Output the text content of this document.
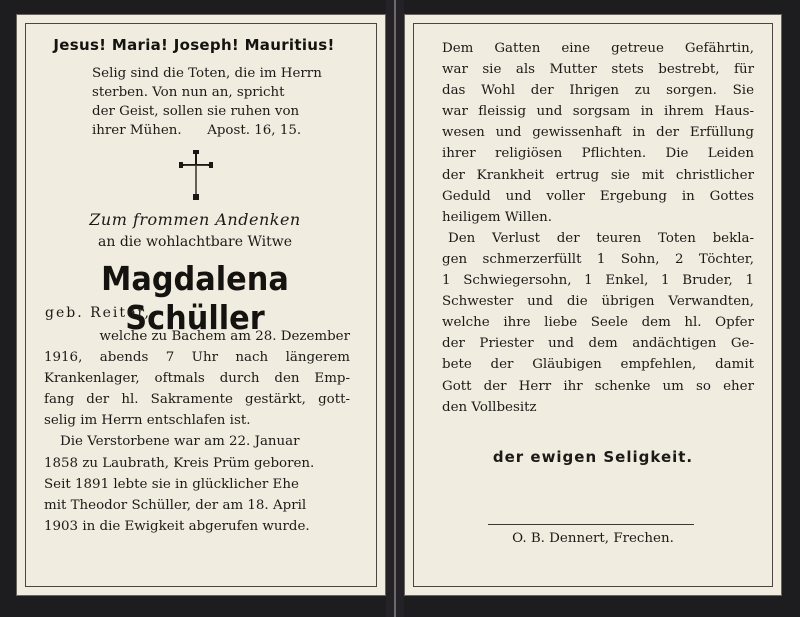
Jesus! Maria! Joseph! Mauritius!

Selig sind die Toten, die im Herrn
sterben. Von nun an, spricht
der Geist, sollen sie ruhen von
ihrer Mühen.      Apost. 16, 15.

Zum frommen Andenken
an die wohlachtbare Witwe
Magdalena Schüller
geb. Reiter,

welche zu Bachem am 28. Dezember
1916, abends 7 Uhr nach längerem
Krankenlager, oftmals durch den Emp-
fang der hl. Sakramente gestärkt, gott-
selig im Herrn entschlafen ist.
Die Verstorbene war am 22. Januar
1858 zu Laubrath, Kreis Prüm geboren.
Seit 1891 lebte sie in glücklicher Ehe
mit Theodor Schüller, der am 18. April
1903 in die Ewigkeit abgerufen wurde.

Dem Gatten eine getreue Gefährtin,
war sie als Mutter stets bestrebt, für
das Wohl der Ihrigen zu sorgen. Sie
war fleissig und sorgsam in ihrem Haus-
wesen und gewissenhaft in der Erfüllung
ihrer religiösen Pflichten. Die Leiden
der Krankheit ertrug sie mit christlicher
Geduld und voller Ergebung in Gottes
heiligem Willen.
Den Verlust der teuren Toten bekla-
gen schmerzerfüllt 1 Sohn, 2 Töchter,
1 Schwiegersohn, 1 Enkel, 1 Bruder, 1
Schwester und die übrigen Verwandten,
welche ihre liebe Seele dem hl. Opfer
der Priester und dem andächtigen Ge-
bete der Gläubigen empfehlen, damit
Gott der Herr ihr schenke um so eher
den Vollbesitz

der ewigen Seligkeit.
O. B. Dennert, Frechen.
